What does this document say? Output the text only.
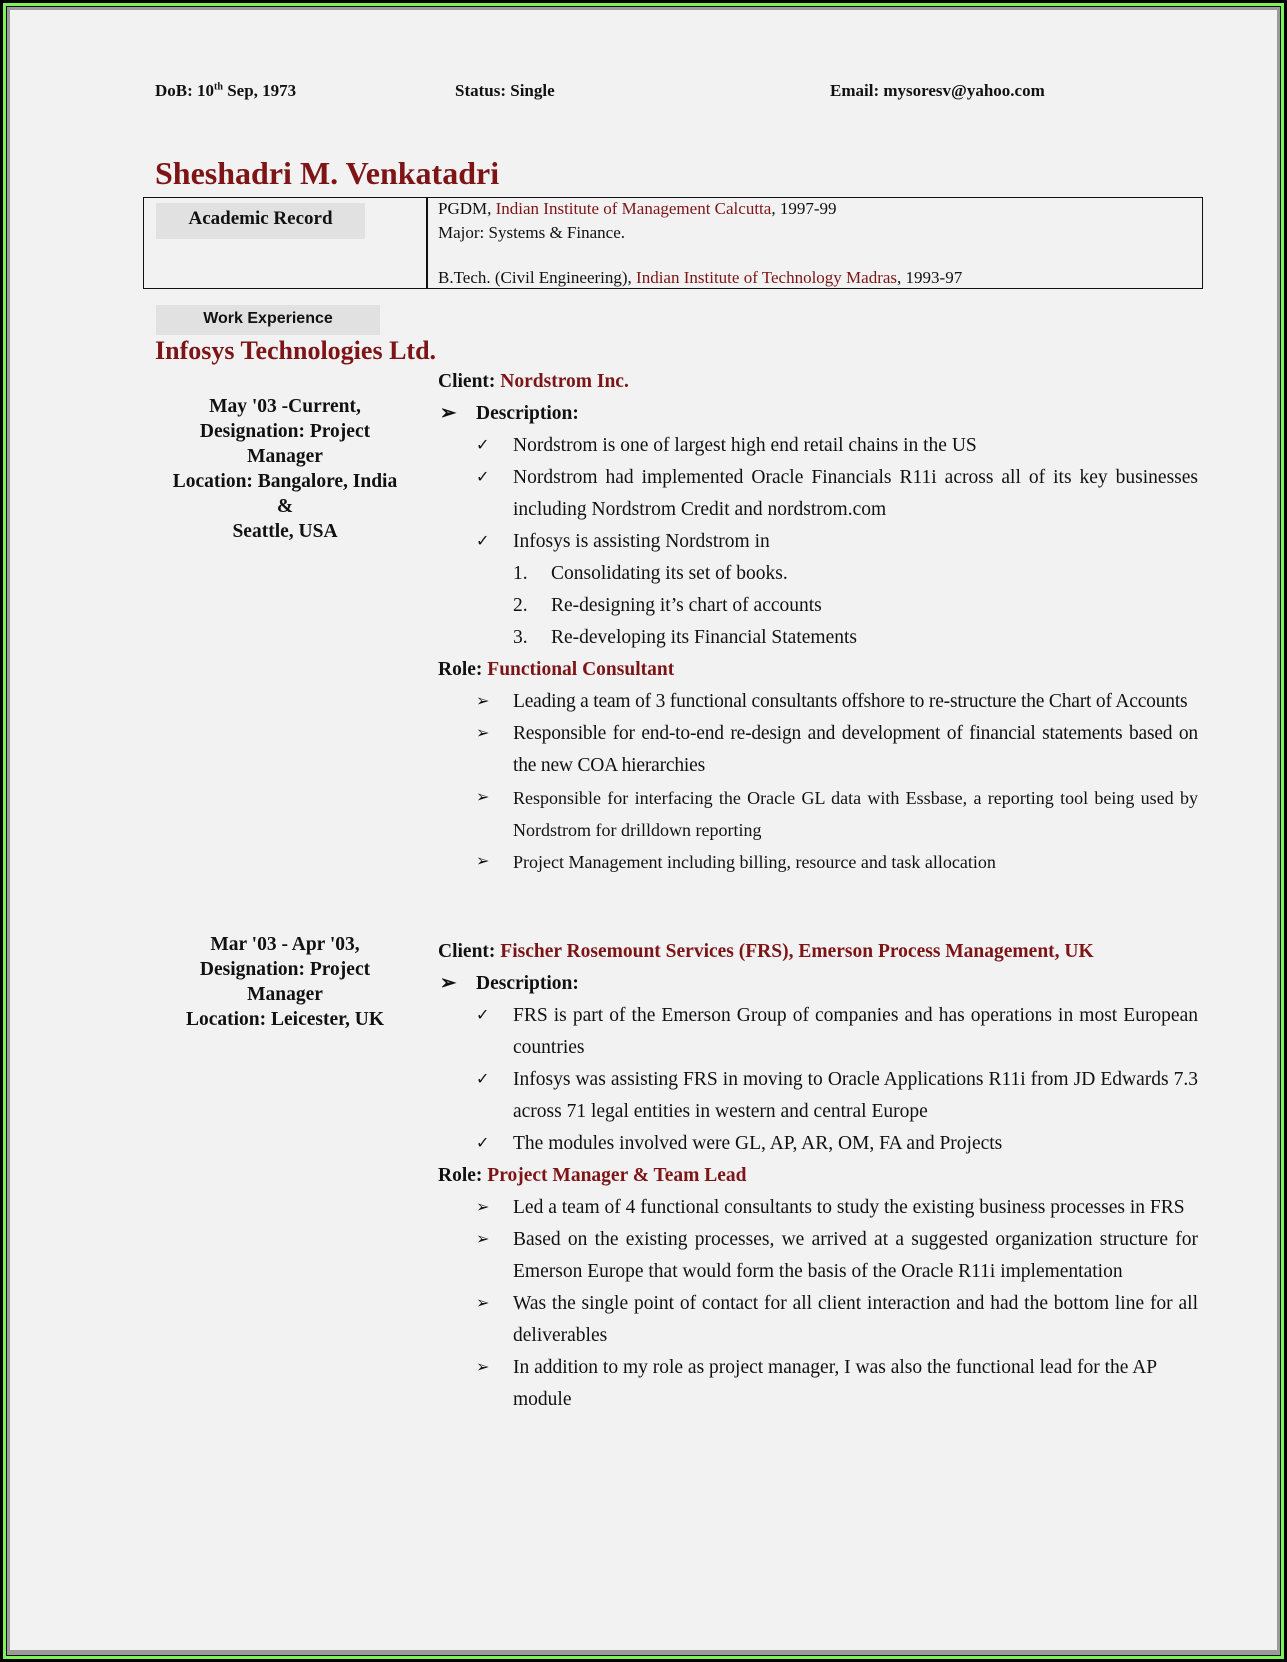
DoB: 10th Sep, 1973	Status: Single	Email: mysoresv@yahoo.com
Sheshadri M. Venkatadri
Academic Record	PGDM, Indian Institute of Management Calcutta, 1997-99
Major: Systems & Finance.
B.Tech. (Civil Engineering), Indian Institute of Technology Madras, 1993-97
Work Experience
Infosys Technologies Ltd.
May '03 -Current,
Designation: Project
Manager
Location: Bangalore, India
&
Seattle, USA
Client: Nordstrom Inc.
➢ Description:
✓ Nordstrom is one of largest high end retail chains in the US
✓ Nordstrom had implemented Oracle Financials R11i across all of its key businesses including Nordstrom Credit and nordstrom.com
✓ Infosys is assisting Nordstrom in
1. Consolidating its set of books.
2. Re-designing it’s chart of accounts
3. Re-developing its Financial Statements
Role: Functional Consultant
➢ Leading a team of 3 functional consultants offshore to re-structure the Chart of Accounts
➢ Responsible for end-to-end re-design and development of financial statements based on the new COA hierarchies
➢ Responsible for interfacing the Oracle GL data with Essbase, a reporting tool being used by Nordstrom for drilldown reporting
➢ Project Management including billing, resource and task allocation
Mar '03 - Apr '03,
Designation: Project
Manager
Location: Leicester, UK
Client: Fischer Rosemount Services (FRS), Emerson Process Management, UK
➢ Description:
✓ FRS is part of the Emerson Group of companies and has operations in most European countries
✓ Infosys was assisting FRS in moving to Oracle Applications R11i from JD Edwards 7.3 across 71 legal entities in western and central Europe
✓ The modules involved were GL, AP, AR, OM, FA and Projects
Role: Project Manager & Team Lead
➢ Led a team of 4 functional consultants to study the existing business processes in FRS
➢ Based on the existing processes, we arrived at a suggested organization structure for Emerson Europe that would form the basis of the Oracle R11i implementation
➢ Was the single point of contact for all client interaction and had the bottom line for all deliverables
➢ In addition to my role as project manager, I was also the functional lead for the AP module
